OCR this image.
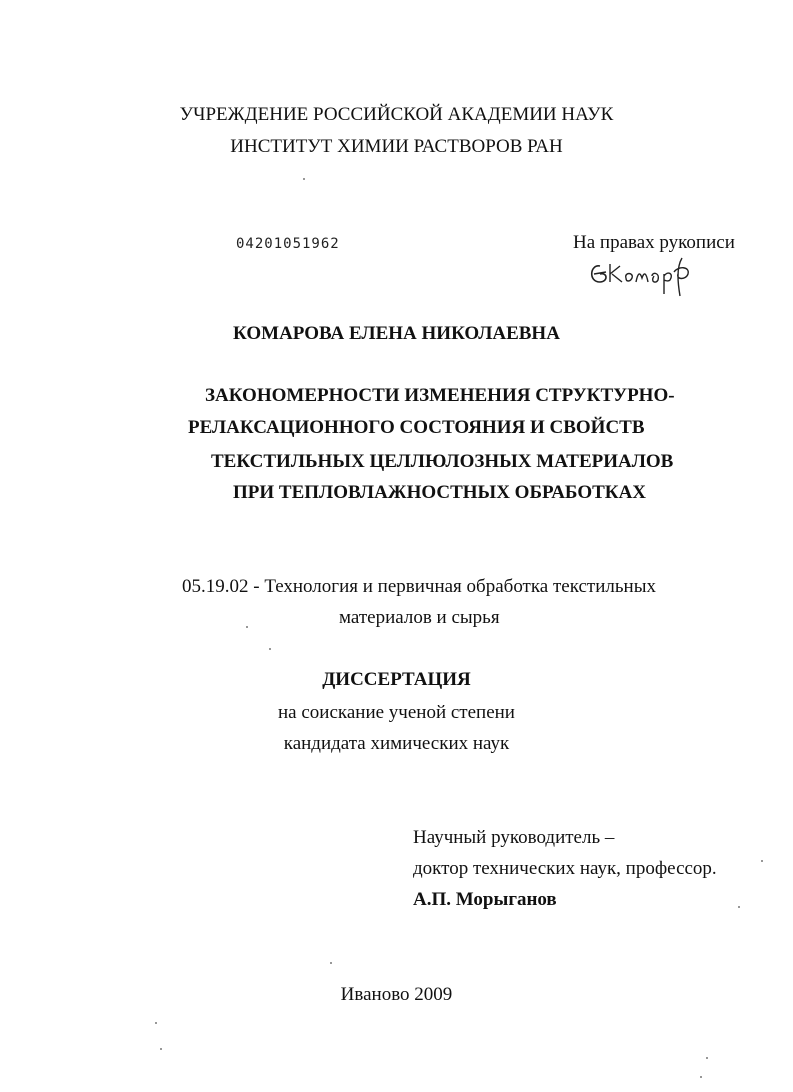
УЧРЕЖДЕНИЕ РОССИЙСКОЙ АКАДЕМИИ НАУК
ИНСТИТУТ ХИМИИ РАСТВОРОВ РАН
04201051962	На правах рукописи
КОМАРОВА ЕЛЕНА НИКОЛАЕВНА
ЗАКОНОМЕРНОСТИ ИЗМЕНЕНИЯ СТРУКТУРНО-
РЕЛАКСАЦИОННОГО СОСТОЯНИЯ И СВОЙСТВ
ТЕКСТИЛЬНЫХ ЦЕЛЛЮЛОЗНЫХ МАТЕРИАЛОВ
ПРИ ТЕПЛОВЛАЖНОСТНЫХ ОБРАБОТКАХ
05.19.02 - Технология и первичная обработка текстильных
материалов и сырья
ДИССЕРТАЦИЯ
на соискание ученой степени
кандидата химических наук
Научный руководитель –
доктор технических наук, профессор.
А.П. Морыганов
Иваново 2009
